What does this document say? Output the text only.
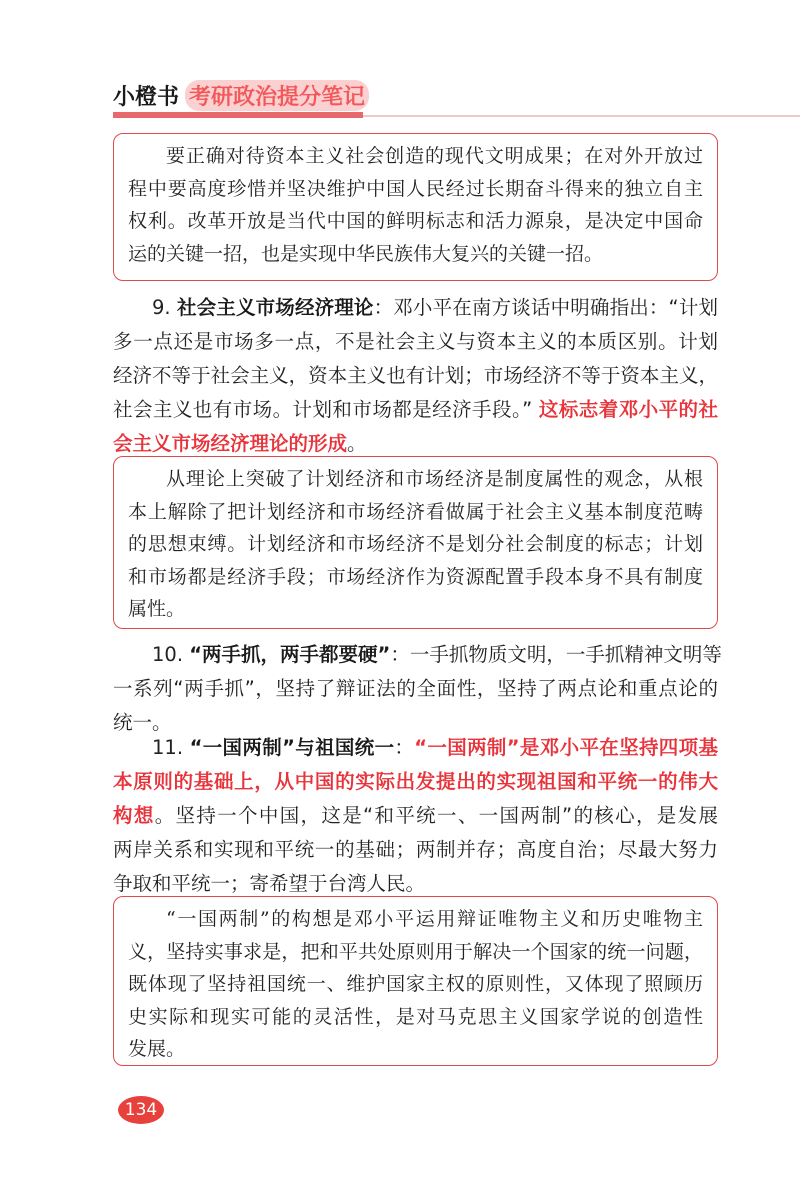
小橙书 考研政治提分笔记
要正确对待资本主义社会创造的现代文明成果；在对外开放过
程中要高度珍惜并坚决维护中国人民经过长期奋斗得来的独立自主
权利。改革开放是当代中国的鲜明标志和活力源泉，是决定中国命
运的关键一招，也是实现中华民族伟大复兴的关键一招。
9. 社会主义市场经济理论：邓小平在南方谈话中明确指出：“计划
多一点还是市场多一点，不是社会主义与资本主义的本质区别。计划
经济不等于社会主义，资本主义也有计划；市场经济不等于资本主义，
社会主义也有市场。计划和市场都是经济手段。” 这标志着邓小平的社
会主义市场经济理论的形成。
从理论上突破了计划经济和市场经济是制度属性的观念，从根
本上解除了把计划经济和市场经济看做属于社会主义基本制度范畴
的思想束缚。计划经济和市场经济不是划分社会制度的标志；计划
和市场都是经济手段；市场经济作为资源配置手段本身不具有制度
属性。
10. “两手抓，两手都要硬”：一手抓物质文明，一手抓精神文明等
一系列“两手抓”，坚持了辩证法的全面性，坚持了两点论和重点论的
统一。
11. “一国两制”与祖国统一：“一国两制”是邓小平在坚持四项基
本原则的基础上，从中国的实际出发提出的实现祖国和平统一的伟大
构想。坚持一个中国，这是“和平统一、一国两制”的核心，是发展
两岸关系和实现和平统一的基础；两制并存；高度自治；尽最大努力
争取和平统一；寄希望于台湾人民。
“一国两制”的构想是邓小平运用辩证唯物主义和历史唯物主
义，坚持实事求是，把和平共处原则用于解决一个国家的统一问题，
既体现了坚持祖国统一、维护国家主权的原则性，又体现了照顾历
史实际和现实可能的灵活性，是对马克思主义国家学说的创造性
发展。
134
